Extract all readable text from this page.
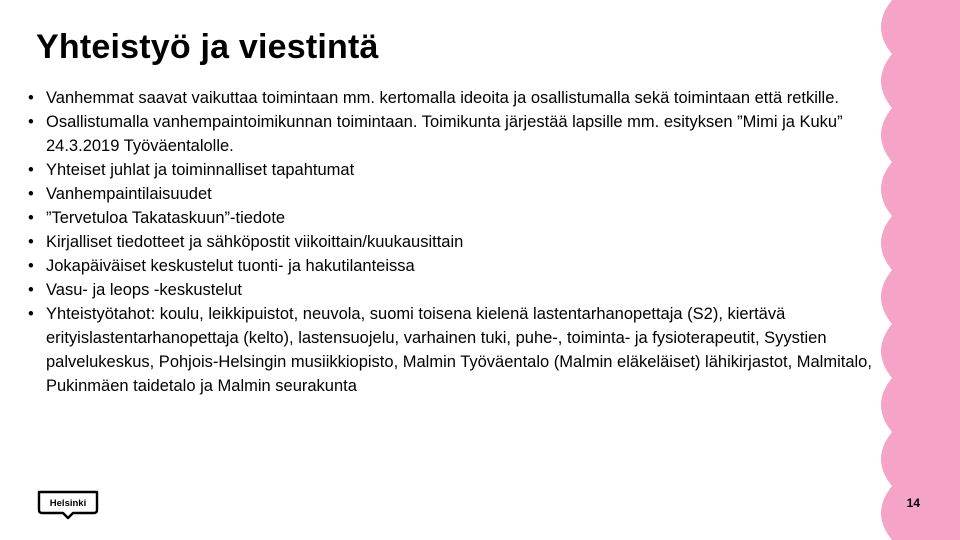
Yhteistyö ja viestintä
• Vanhemmat saavat vaikuttaa toimintaan mm. kertomalla ideoita ja osallistumalla sekä toimintaan että retkille.
• Osallistumalla vanhempaintoimikunnan toimintaan. Toimikunta järjestää lapsille mm. esityksen ”Mimi ja Kuku” 24.3.2019 Työväentalolle.
• Yhteiset juhlat ja toiminnalliset tapahtumat
• Vanhempaintilaisuudet
• ”Tervetuloa Takataskuun”-tiedote
• Kirjalliset tiedotteet ja sähköpostit viikoittain/kuukausittain
• Jokapäiväiset keskustelut tuonti- ja hakutilanteissa
• Vasu- ja leops -keskustelut
• Yhteistyötahot: koulu, leikkipuistot, neuvola, suomi toisena kielenä lastentarhanopettaja (S2), kiertävä erityislastentarhanopettaja (kelto), lastensuojelu, varhainen tuki, puhe-, toiminta- ja fysioterapeutit, Syystien palvelukeskus, Pohjois-Helsingin musiikkiopisto, Malmin Työväentalo (Malmin eläkeläiset) lähikirjastot, Malmitalo, Pukinmäen taidetalo ja Malmin seurakunta
Helsinki	14
